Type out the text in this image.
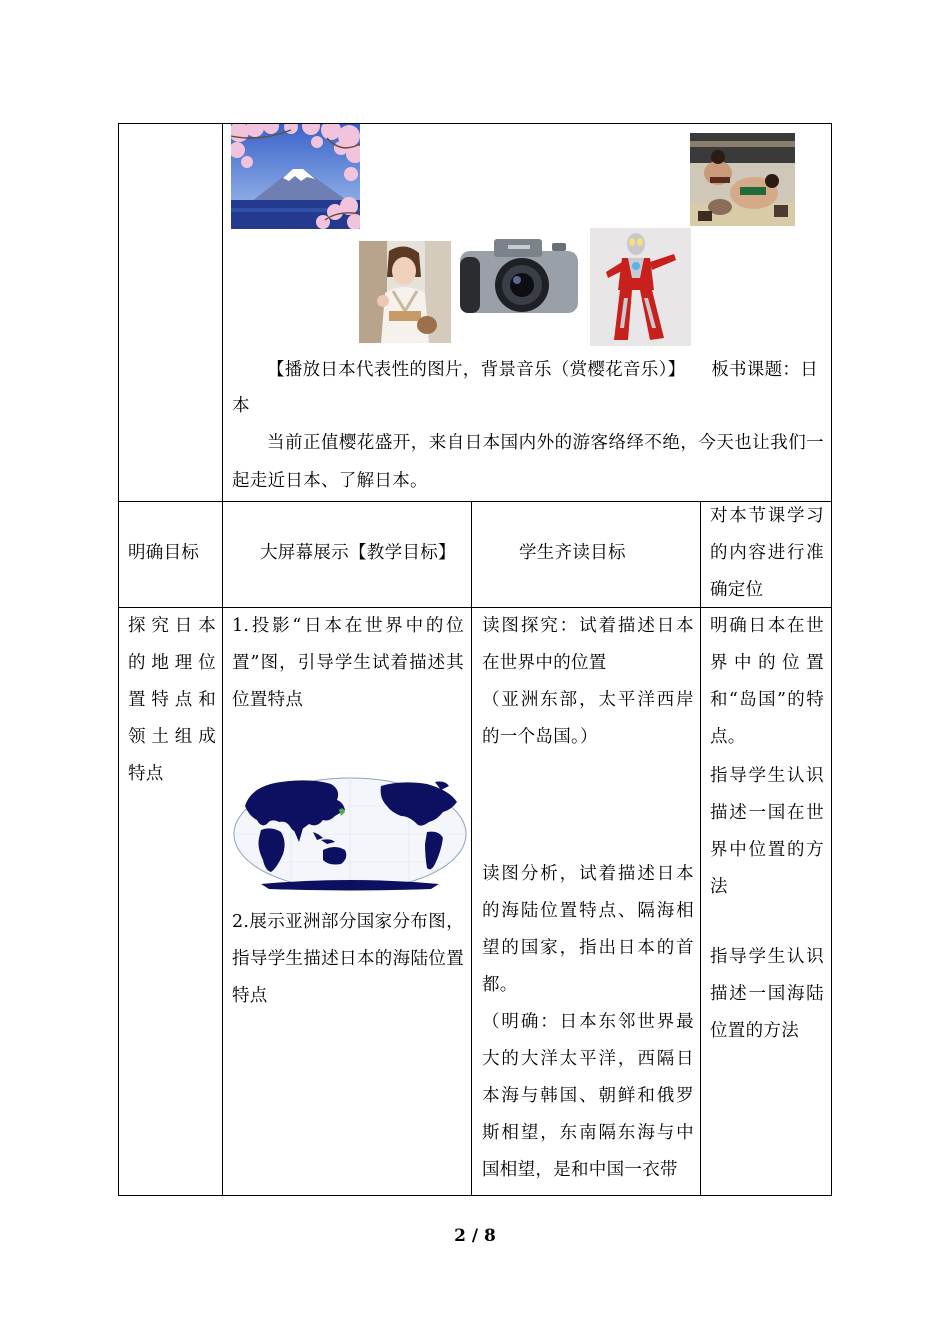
【播放日本代表性的图片，背景音乐（赏樱花音乐）】 板书课题：日

本

当前正值樱花盛开，来自日本国内外的游客络绎不绝，今天也让我们一起走近日本、了解日本。

明确目标	大屏幕展示【教学目标】	学生齐读目标
对本节课学习的内容进行准确定位
探究日本的地理位置特点和领土组成特点
1.投影“日本在世界中的位置”图，引导学生试着描述其位置特点
2.展示亚洲部分国家分布图，指导学生描述日本的海陆位置特点
读图探究：试着描述日本在世界中的位置
（亚洲东部，太平洋西岸的一个岛国。）
读图分析，试着描述日本的海陆位置特点、隔海相望的国家，指出日本的首都。
（明确：日本东邻世界最大的大洋太平洋，西隔日本海与韩国、朝鲜和俄罗斯相望，东南隔东海与中国相望，是和中国一衣带
明确日本在世界中的位置和“岛国”的特点。
指导学生认识描述一国在世界中位置的方法
指导学生认识描述一国海陆位置的方法
2 / 8
